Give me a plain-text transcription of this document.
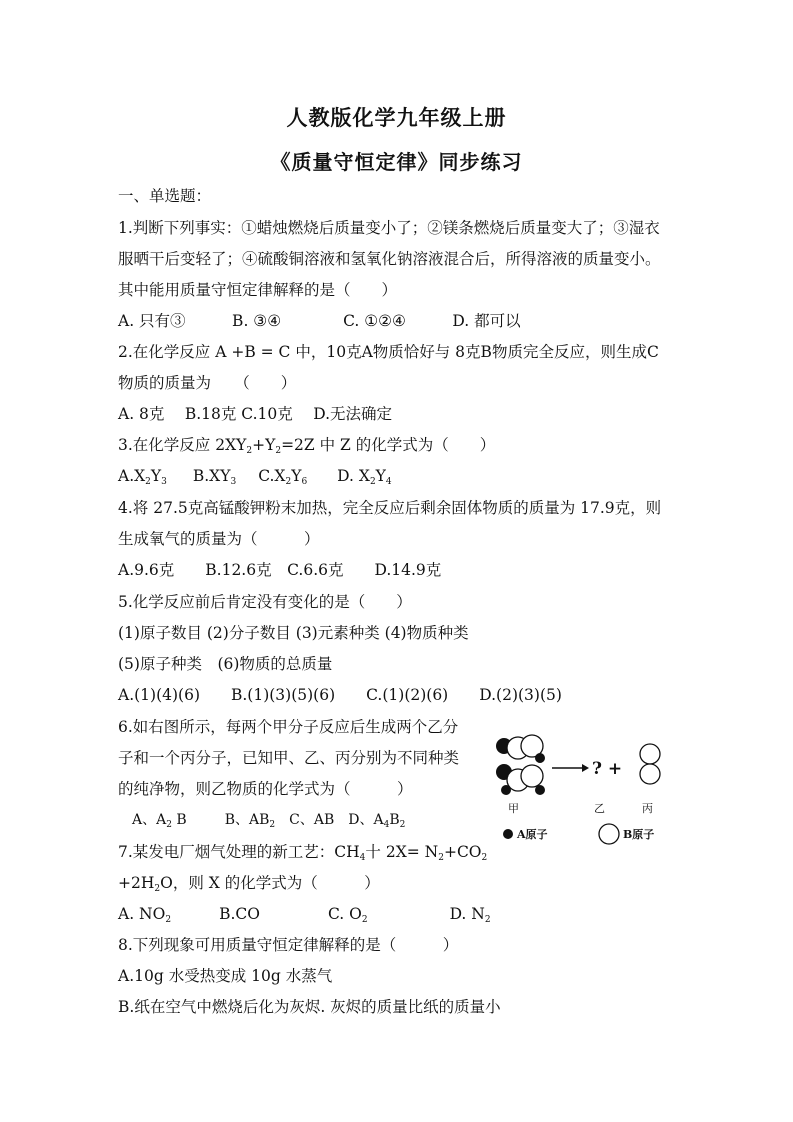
人教版化学九年级上册
《质量守恒定律》同步练习
一、单选题：
1.判断下列事实：①蜡烛燃烧后质量变小了；②镁条燃烧后质量变大了；③湿衣
服晒干后变轻了；④硫酸铜溶液和氢氧化钠溶液混合后，所得溶液的质量变小。
其中能用质量守恒定律解释的是（　　）
A. 只有③　　　B. ③④　　　　C. ①②④　　　D. 都可以
2.在化学反应 A +B = C 中，10克A物质恰好与 8克B物质完全反应，则生成C
物质的质量为　　（　　）
A. 8克　 B.18克 C.10克　 D.无法确定
3.在化学反应 $2XY_2+Y_2=2Z$ 中 Z 的化学式为（　　）
$A.X_2Y_3$ $B.XY_3$ $C.X_2Y_6$ D. $X_2Y_4$
4.将 27.5克高锰酸钾粉末加热，完全反应后剩余固体物质的质量为 17.9克，则
生成氧气的质量为（　　　）
A.9.6克　　B.12.6克　C.6.6克　　D.14.9克
5.化学反应前后肯定没有变化的是（　　）
(1)原子数目 (2)分子数目 (3)元素种类 (4)物质种类
(5)原子种类　(6)物质的总质量
A.(1)(4)(6)　　B.(1)(3)(5)(6)　　C.(1)(2)(6)　　D.(2)(3)(5)
6.如右图所示，每两个甲分子反应后生成两个乙分
子和一个丙分子，已知甲、乙、丙分别为不同种类
的纯净物，则乙物质的化学式为（　　　）
A、$A_2$ B	B、$AB_2$ C、AB D、$A_4B_2$
? +
甲	乙	丙
A原子	B原子
7.某发电厂烟气处理的新工艺：$CH_4$十 $2X= N_2+CO_2$
$+2H_2O$，则 X 的化学式为（　　　）
A. $NO_2$	B.CO	C. $O_2$	D. $N_2$
8.下列现象可用质量守恒定律解释的是（　　　）
A.10g 水受热变成 10g 水蒸气
B.纸在空气中燃烧后化为灰烬. 灰烬的质量比纸的质量小
